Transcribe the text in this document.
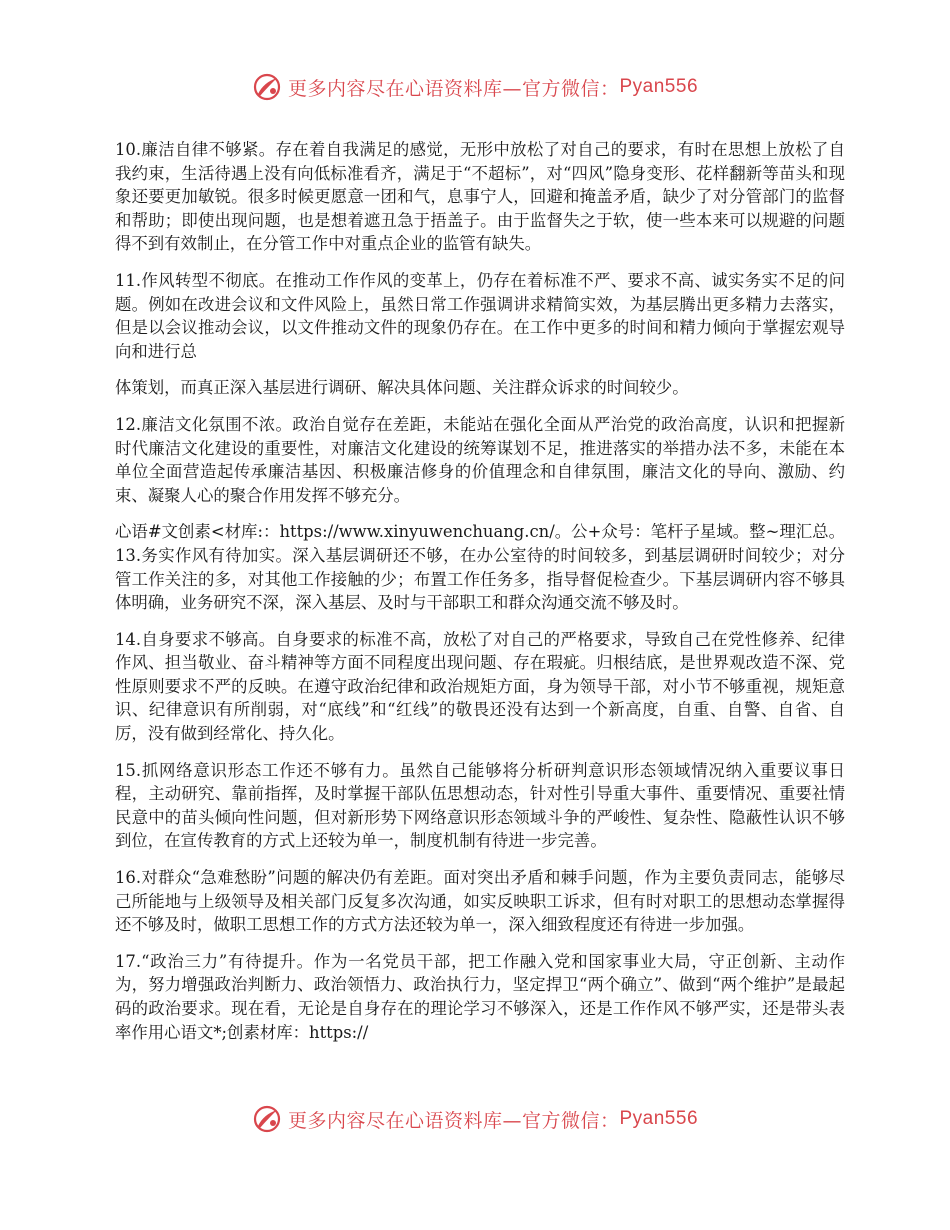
更多内容尽在心语资料库—官方微信： Pyan556

10.廉洁自律不够紧。存在着自我满足的感觉，无形中放松了对自己的要求，有时在思想上放松了自我约束，生活待遇上没有向低标准看齐，满足于“不超标”，对“四风”隐身变形、花样翻新等苗头和现象还要更加敏锐。很多时候更愿意一团和气，息事宁人，回避和掩盖矛盾，缺少了对分管部门的监督和帮助；即使出现问题，也是想着遮丑急于捂盖子。由于监督失之于软，使一些本来可以规避的问题得不到有效制止，在分管工作中对重点企业的监管有缺失。

11.作风转型不彻底。在推动工作作风的变革上，仍存在着标准不严、要求不高、诚实务实不足的问题。例如在改进会议和文件风险上，虽然日常工作强调讲求精简实效，为基层腾出更多精力去落实，但是以会议推动会议，以文件推动文件的现象仍存在。在工作中更多的时间和精力倾向于掌握宏观导向和进行总

体策划，而真正深入基层进行调研、解决具体问题、关注群众诉求的时间较少。

12.廉洁文化氛围不浓。政治自觉存在差距，未能站在强化全面从严治党的政治高度，认识和把握新时代廉洁文化建设的重要性，对廉洁文化建设的统筹谋划不足，推进落实的举措办法不多，未能在本单位全面营造起传承廉洁基因、积极廉洁修身的价值理念和自律氛围，廉洁文化的导向、激励、约束、凝聚人心的聚合作用发挥不够充分。

心语#文创素<材库:：https://www.xinyuwenchuang.cn/。公+众号：笔杆子星域。整~理汇总。13.务实作风有待加实。深入基层调研还不够，在办公室待的时间较多，到基层调研时间较少；对分管工作关注的多，对其他工作接触的少；布置工作任务多，指导督促检查少。下基层调研内容不够具体明确，业务研究不深，深入基层、及时与干部职工和群众沟通交流不够及时。

14.自身要求不够高。自身要求的标准不高，放松了对自己的严格要求，导致自己在党性修养、纪律作风、担当敬业、奋斗精神等方面不同程度出现问题、存在瑕疵。归根结底，是世界观改造不深、党性原则要求不严的反映。在遵守政治纪律和政治规矩方面，身为领导干部，对小节不够重视，规矩意识、纪律意识有所削弱，对“底线”和“红线”的敬畏还没有达到一个新高度，自重、自警、自省、自厉，没有做到经常化、持久化。

15.抓网络意识形态工作还不够有力。虽然自己能够将分析研判意识形态领域情况纳入重要议事日程，主动研究、靠前指挥，及时掌握干部队伍思想动态，针对性引导重大事件、重要情况、重要社情民意中的苗头倾向性问题，但对新形势下网络意识形态领域斗争的严峻性、复杂性、隐蔽性认识不够到位，在宣传教育的方式上还较为单一，制度机制有待进一步完善。

16.对群众“急难愁盼”问题的解决仍有差距。面对突出矛盾和棘手问题，作为主要负责同志，能够尽己所能地与上级领导及相关部门反复多次沟通，如实反映职工诉求，但有时对职工的思想动态掌握得还不够及时，做职工思想工作的方式方法还较为单一，深入细致程度还有待进一步加强。

17.“政治三力”有待提升。作为一名党员干部，把工作融入党和国家事业大局，守正创新、主动作为，努力增强政治判断力、政治领悟力、政治执行力，坚定捍卫“两个确立”、做到“两个维护”是最起码的政治要求。现在看，无论是自身存在的理论学习不够深入，还是工作作风不够严实，还是带头表率作用心语文*;创素材库：https://

更多内容尽在心语资料库—官方微信： Pyan556
